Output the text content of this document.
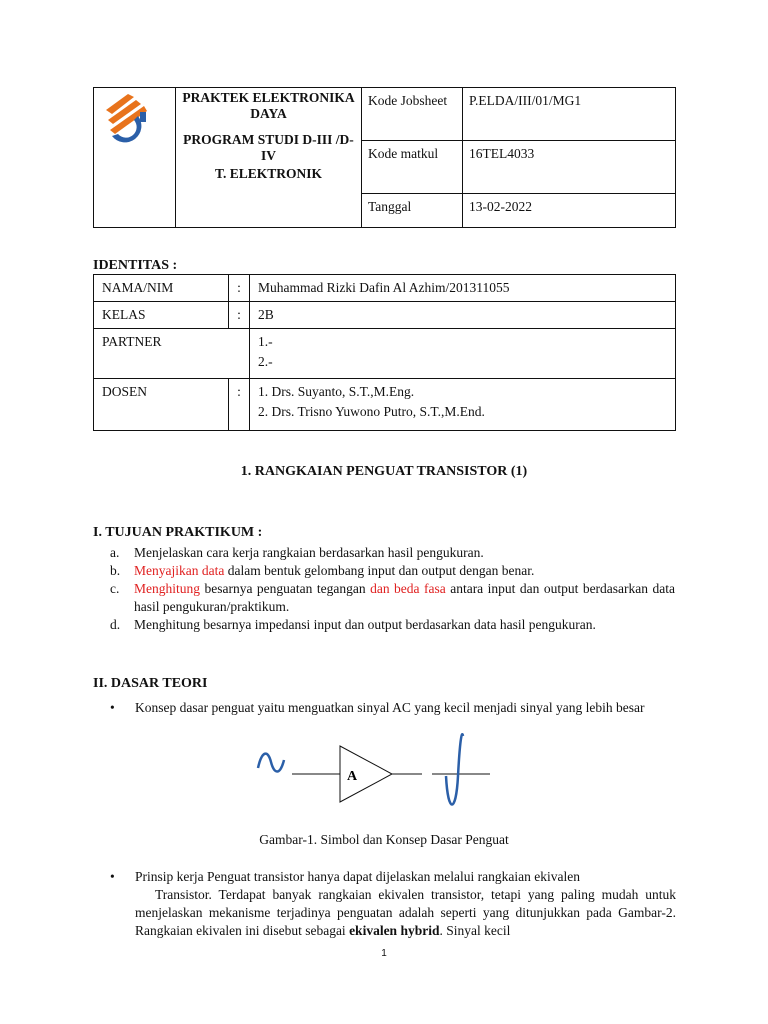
PRAKTEK ELEKTRONIKA DAYA
PROGRAM STUDI D-III /D-IV
T. ELEKTRONIK	Kode Jobsheet	P.ELDA/III/01/MG1
		Kode matkul	16TEL4033
		Tanggal	13-02-2022
IDENTITAS :
NAMA/NIM	:	Muhammad Rizki Dafin Al Azhim/201311055
KELAS	:	2B
PARTNER		1.-
2.-

DOSEN	:	1. Drs. Suyanto, S.T.,M.Eng.
2. Drs. Trisno Yuwono Putro, S.T.,M.End.
1. RANGKAIAN PENGUAT TRANSISTOR (1)
I. TUJUAN PRAKTIKUM :
a. Menjelaskan cara kerja rangkaian berdasarkan hasil pengukuran.
b. Menyajikan data dalam bentuk gelombang input dan output dengan benar.
c. Menghitung besarnya penguatan tegangan dan beda fasa antara input dan output berdasarkan data hasil pengukuran/praktikum.
d. Menghitung besarnya impedansi input dan output berdasarkan data hasil pengukuran.
II. DASAR TEORI
•	Konsep dasar penguat yaitu menguatkan sinyal AC yang kecil menjadi sinyal yang lebih besar
A
Gambar-1. Simbol dan Konsep Dasar Penguat
•	Prinsip kerja Penguat transistor hanya dapat dijelaskan melalui rangkaian ekivalen
Transistor. Terdapat banyak rangkaian ekivalen transistor, tetapi yang paling mudah untuk menjelaskan mekanisme terjadinya penguatan adalah seperti yang ditunjukkan pada Gambar-2. Rangkaian ekivalen ini disebut sebagai ekivalen hybrid. Sinyal kecil
1
